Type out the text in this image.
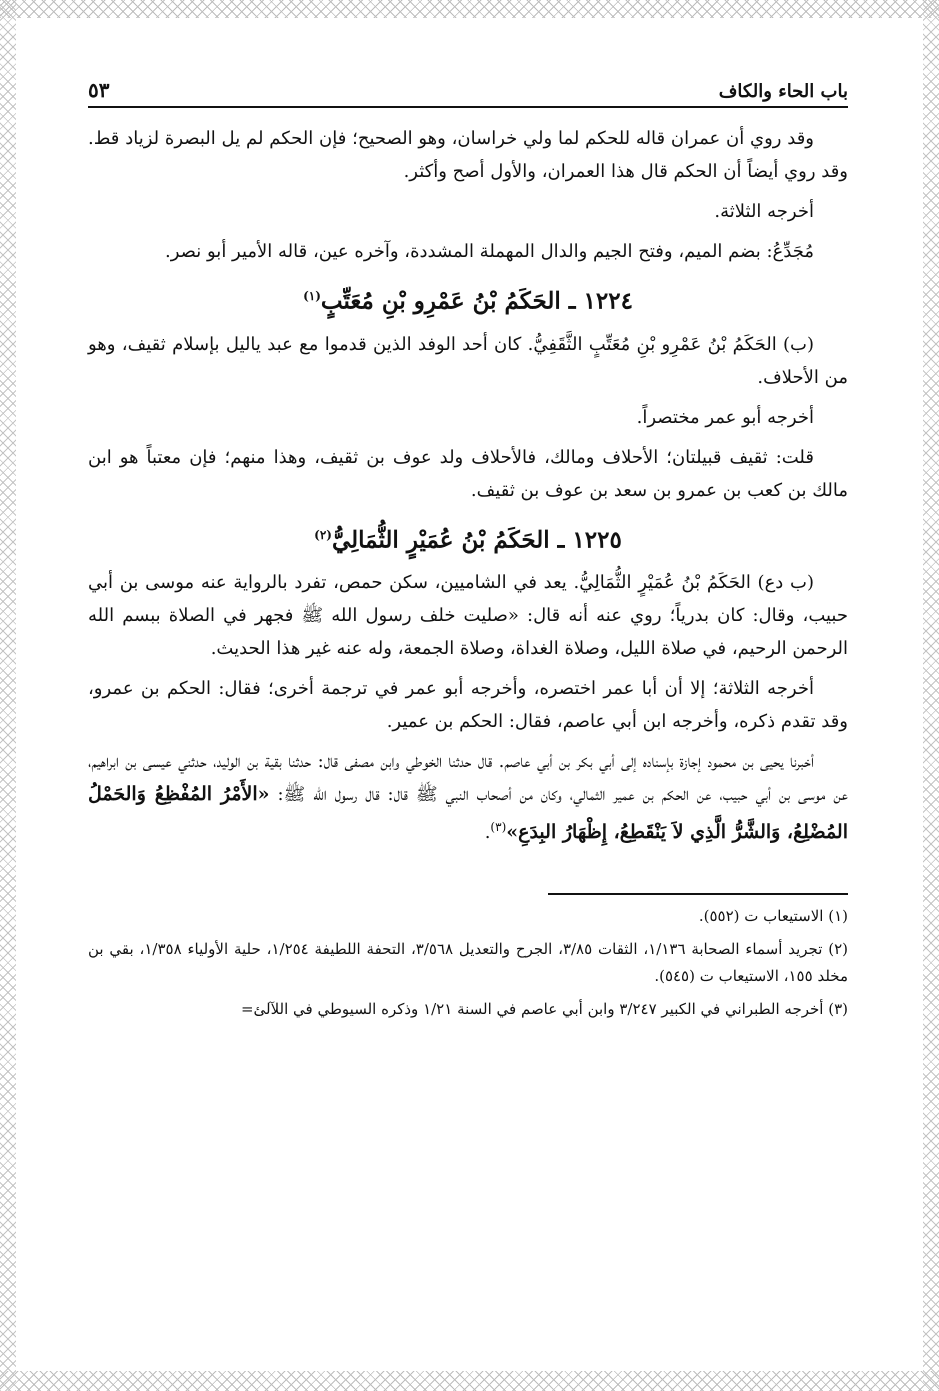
باب الحاء والكاف
٥٣

وقد روي أن عمران قاله للحكم لما ولي خراسان، وهو الصحيح؛ فإن الحكم لم يل البصرة لزياد قط. وقد روي أيضاً أن الحكم قال هذا العمران، والأول أصح وأكثر.

أخرجه الثلاثة.

مُجَدِّعُ: بضم الميم، وفتح الجيم والدال المهملة المشددة، وآخره عين، قاله الأمير أبو نصر.

١٢٢٤ ـ الحَكَمُ بْنُ عَمْرِو بْنِ مُعَتِّبٍ$^{(١)}$

(ب) الحَكَمُ بْنُ عَمْرِو بْنِ مُعَتِّبٍ الثَّقَفِيُّ. كان أحد الوفد الذين قدموا مع عبد ياليل بإسلام ثقيف، وهو من الأحلاف.

أخرجه أبو عمر مختصراً.

قلت: ثقيف قبيلتان؛ الأحلاف ومالك، فالأحلاف ولد عوف بن ثقيف، وهذا منهم؛ فإن معتباً هو ابن مالك بن كعب بن عمرو بن سعد بن عوف بن ثقيف.

١٢٢٥ ـ الحَكَمُ بْنُ عُمَيْرٍ الثُّمَالِيُّ$^{(٢)}$

(ب دع) الحَكَمُ بْنُ عُمَيْرٍ الثُّمَالِيُّ. يعد في الشاميين، سكن حمص، تفرد بالرواية عنه موسى بن أبي حبيب، وقال: كان بدرياً؛ روي عنه أنه قال: «صليت خلف رسول الله ﷺ فجهر في الصلاة ببسم الله الرحمن الرحيم، في صلاة الليل، وصلاة الغداة، وصلاة الجمعة، وله عنه غير هذا الحديث.

أخرجه الثلاثة؛ إلا أن أبا عمر اختصره، وأخرجه أبو عمر في ترجمة أخرى؛ فقال: الحكم بن عمرو، وقد تقدم ذكره، وأخرجه ابن أبي عاصم، فقال: الحكم بن عمير.

أخبرنا يحيى بن محمود إجازة بإسناده إلى أبي بكر بن أبي عاصم. قال حدثنا الخوطي وابن مصفى قال: حدثنا بقية بن الوليد، حدثني عيسى بن ابراهيم، عن موسى بن أبي حبيب، عن الحكم بن عمير الثمالي، وكان من أصحاب النبي ﷺ قال: قال رسول الله ﷺ: «الأَمْرُ المُفْظِعُ وَالحَمْلُ المُضْلِعُ، وَالشَّرُّ الَّذِي لاَ يَنْقَطِعُ، إِظْهَارُ البِدَعِ»$^{(٣)}$.

(١) الاستيعاب ت (٥٥٢).

(٢) تجريد أسماء الصحابة ١/١٣٦، الثقات ٣/٨٥، الجرح والتعديل ٣/٥٦٨، التحفة اللطيفة ١/٢٥٤، حلية الأولياء ١/٣٥٨، بقي بن مخلد ١٥٥، الاستيعاب ت (٥٤٥).

(٣) أخرجه الطبراني في الكبير ٣/٢٤٧ وابن أبي عاصم في السنة ١/٢١ وذكره السيوطي في اللآلئ=
